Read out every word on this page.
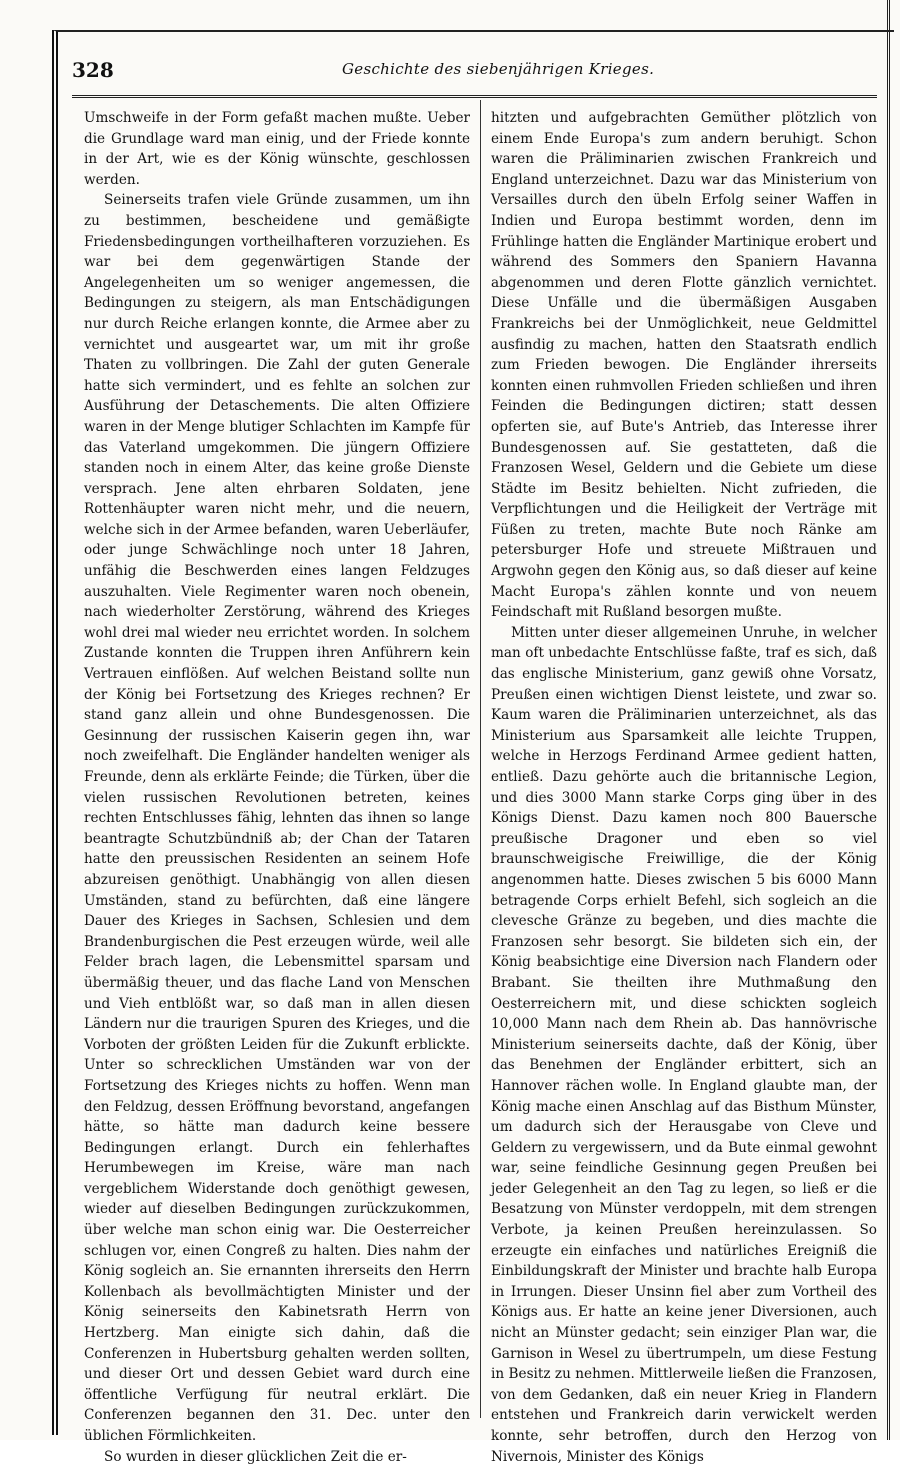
328	Geschichte des siebenjährigen Krieges.

Umschweife in der Form gefaßt machen mußte. Ueber die Grundlage ward man einig, und der Friede konnte in der Art, wie es der König wünschte, geschlossen werden.

Seinerseits trafen viele Gründe zusammen, um ihn zu bestimmen, bescheidene und gemäßigte Friedensbedingungen vortheilhafteren vorzuziehen. Es war bei dem gegenwärtigen Stande der Angelegenheiten um so weniger angemessen, die Bedingungen zu steigern, als man Entschädigungen nur durch Reiche erlangen konnte, die Armee aber zu vernichtet und ausgeartet war, um mit ihr große Thaten zu vollbringen. Die Zahl der guten Generale hatte sich vermindert, und es fehlte an solchen zur Ausführung der Detaschements. Die alten Offiziere waren in der Menge blutiger Schlachten im Kampfe für das Vaterland umgekommen. Die jüngern Offiziere standen noch in einem Alter, das keine große Dienste versprach. Jene alten ehrbaren Soldaten, jene Rottenhäupter waren nicht mehr, und die neuern, welche sich in der Armee befanden, waren Ueberläufer, oder junge Schwächlinge noch unter 18 Jahren, unfähig die Beschwerden eines langen Feldzuges auszuhalten. Viele Regimenter waren noch obenein, nach wiederholter Zerstörung, während des Krieges wohl drei mal wieder neu errichtet worden. In solchem Zustande konnten die Truppen ihren Anführern kein Vertrauen einflößen. Auf welchen Beistand sollte nun der König bei Fortsetzung des Krieges rechnen? Er stand ganz allein und ohne Bundesgenossen. Die Gesinnung der russischen Kaiserin gegen ihn, war noch zweifelhaft. Die Engländer handelten weniger als Freunde, denn als erklärte Feinde; die Türken, über die vielen russischen Revolutionen betreten, keines rechten Entschlusses fähig, lehnten das ihnen so lange beantragte Schutzbündniß ab; der Chan der Tataren hatte den preussischen Residenten an seinem Hofe abzureisen genöthigt. Unabhängig von allen diesen Umständen, stand zu befürchten, daß eine längere Dauer des Krieges in Sachsen, Schlesien und dem Brandenburgischen die Pest erzeugen würde, weil alle Felder brach lagen, die Lebensmittel sparsam und übermäßig theuer, und das flache Land von Menschen und Vieh entblößt war, so daß man in allen diesen Ländern nur die traurigen Spuren des Krieges, und die Vorboten der größten Leiden für die Zukunft erblickte. Unter so schrecklichen Umständen war von der Fortsetzung des Krieges nichts zu hoffen. Wenn man den Feldzug, dessen Eröffnung bevorstand, angefangen hätte, so hätte man dadurch keine bessere Bedingungen erlangt. Durch ein fehlerhaftes Herumbewegen im Kreise, wäre man nach vergeblichem Widerstande doch genöthigt gewesen, wieder auf dieselben Bedingungen zurückzukommen, über welche man schon einig war. Die Oesterreicher schlugen vor, einen Congreß zu halten. Dies nahm der König sogleich an. Sie ernannten ihrerseits den Herrn Kollenbach als bevollmächtigten Minister und der König seinerseits den Kabinetsrath Herrn von Hertzberg. Man einigte sich dahin, daß die Conferenzen in Hubertsburg gehalten werden sollten, und dieser Ort und dessen Gebiet ward durch eine öffentliche Verfügung für neutral erklärt. Die Conferenzen begannen den 31. Dec. unter den üblichen Förmlichkeiten.

So wurden in dieser glücklichen Zeit die er-

hitzten und aufgebrachten Gemüther plötzlich von einem Ende Europa's zum andern beruhigt. Schon waren die Präliminarien zwischen Frankreich und England unterzeichnet. Dazu war das Ministerium von Versailles durch den übeln Erfolg seiner Waffen in Indien und Europa bestimmt worden, denn im Frühlinge hatten die Engländer Martinique erobert und während des Sommers den Spaniern Havanna abgenommen und deren Flotte gänzlich vernichtet. Diese Unfälle und die übermäßigen Ausgaben Frankreichs bei der Unmöglichkeit, neue Geldmittel ausfindig zu machen, hatten den Staatsrath endlich zum Frieden bewogen. Die Engländer ihrerseits konnten einen ruhmvollen Frieden schließen und ihren Feinden die Bedingungen dictiren; statt dessen opferten sie, auf Bute's Antrieb, das Interesse ihrer Bundesgenossen auf. Sie gestatteten, daß die Franzosen Wesel, Geldern und die Gebiete um diese Städte im Besitz behielten. Nicht zufrieden, die Verpflichtungen und die Heiligkeit der Verträge mit Füßen zu treten, machte Bute noch Ränke am petersburger Hofe und streuete Mißtrauen und Argwohn gegen den König aus, so daß dieser auf keine Macht Europa's zählen konnte und von neuem Feindschaft mit Rußland besorgen mußte.

Mitten unter dieser allgemeinen Unruhe, in welcher man oft unbedachte Entschlüsse faßte, traf es sich, daß das englische Ministerium, ganz gewiß ohne Vorsatz, Preußen einen wichtigen Dienst leistete, und zwar so. Kaum waren die Präliminarien unterzeichnet, als das Ministerium aus Sparsamkeit alle leichte Truppen, welche in Herzogs Ferdinand Armee gedient hatten, entließ. Dazu gehörte auch die britannische Legion, und dies 3000 Mann starke Corps ging über in des Königs Dienst. Dazu kamen noch 800 Bauersche preußische Dragoner und eben so viel braunschweigische Freiwillige, die der König angenommen hatte. Dieses zwischen 5 bis 6000 Mann betragende Corps erhielt Befehl, sich sogleich an die clevesche Gränze zu begeben, und dies machte die Franzosen sehr besorgt. Sie bildeten sich ein, der König beabsichtige eine Diversion nach Flandern oder Brabant. Sie theilten ihre Muthmaßung den Oesterreichern mit, und diese schickten sogleich 10,000 Mann nach dem Rhein ab. Das hannövrische Ministerium seinerseits dachte, daß der König, über das Benehmen der Engländer erbittert, sich an Hannover rächen wolle. In England glaubte man, der König mache einen Anschlag auf das Bisthum Münster, um dadurch sich der Herausgabe von Cleve und Geldern zu vergewissern, und da Bute einmal gewohnt war, seine feindliche Gesinnung gegen Preußen bei jeder Gelegenheit an den Tag zu legen, so ließ er die Besatzung von Münster verdoppeln, mit dem strengen Verbote, ja keinen Preußen hereinzulassen. So erzeugte ein einfaches und natürliches Ereigniß die Einbildungskraft der Minister und brachte halb Europa in Irrungen. Dieser Unsinn fiel aber zum Vortheil des Königs aus. Er hatte an keine jener Diversionen, auch nicht an Münster gedacht; sein einziger Plan war, die Garnison in Wesel zu übertrumpeln, um diese Festung in Besitz zu nehmen. Mittlerweile ließen die Franzosen, von dem Gedanken, daß ein neuer Krieg in Flandern entstehen und Frankreich darin verwickelt werden konnte, sehr betroffen, durch den Herzog von Nivernois, Minister des Königs
